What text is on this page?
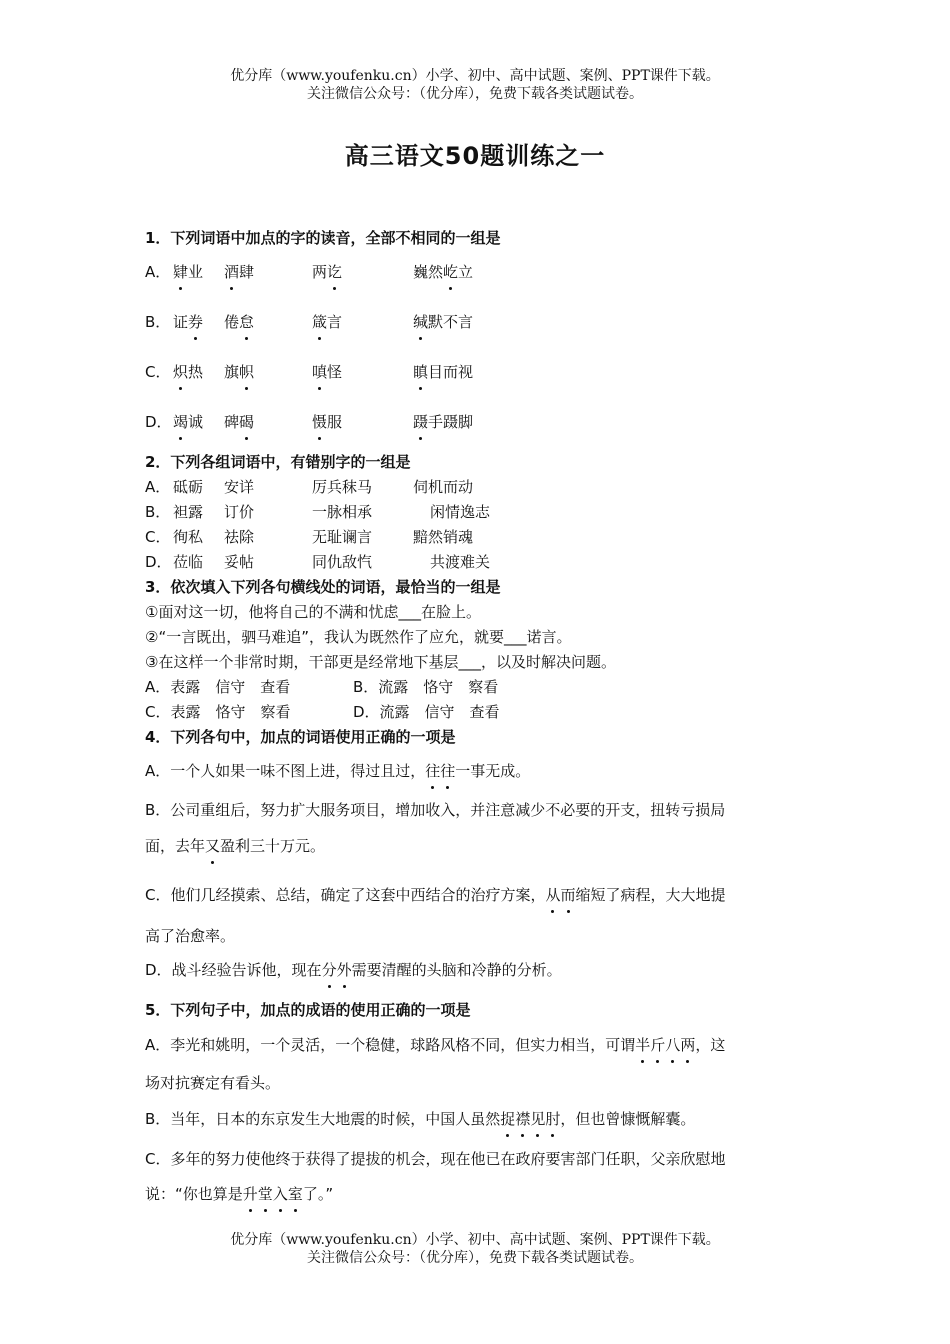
优分库（www.youfenku.cn）小学、初中、高中试题、案例、PPT课件下载。
关注微信公众号：（优分库），免费下载各类试题试卷。
高三语文50题训练之一
1．下列词语中加点的字的读音，全部不相同的一组是
A． 肄业 酒肆	两讫	巍然屹立
B． 证券 倦怠	箴言	缄默不言
C． 炽热 旗帜	嗔怪	瞋目而视
D． 竭诚 碑碣	慑服	蹑手蹑脚
2．下列各组词语中，有错别字的一组是
A． 砥砺 安详	厉兵秣马	伺机而动
B． 袒露 订价	一脉相承	闲情逸志
C． 徇私 祛除	无耻谰言	黯然销魂
D． 莅临 妥帖	同仇敌忾	共渡难关
3．依次填入下列各句横线处的词语，最恰当的一组是
①面对这一切，他将自己的不满和忧虑___在脸上。
②“一言既出，驷马难追”，我认为既然作了应允，就要___诺言。
③在这样一个非常时期，干部更是经常地下基层___，以及时解决问题。
A．表露　信守　查看	B．流露　恪守　察看
C．表露　恪守　察看	D．流露　信守　查看
4．下列各句中，加点的词语使用正确的一项是
A．一个人如果一味不图上进，得过且过，往往一事无成。
B．公司重组后，努力扩大服务项目，增加收入，并注意减少不必要的开支，扭转亏损局
面，去年又盈利三十万元。
C．他们几经摸索、总结，确定了这套中西结合的治疗方案，从而缩短了病程，大大地提
高了治愈率。
D．战斗经验告诉他，现在分外需要清醒的头脑和冷静的分析。
5．下列句子中，加点的成语的使用正确的一项是
A．李光和姚明，一个灵活，一个稳健，球路风格不同，但实力相当，可谓半斤八两，这
场对抗赛定有看头。
B．当年，日本的东京发生大地震的时候，中国人虽然捉襟见肘，但也曾慷慨解囊。
C．多年的努力使他终于获得了提拔的机会，现在他已在政府要害部门任职，父亲欣慰地
说：“你也算是升堂入室了。”
优分库（www.youfenku.cn）小学、初中、高中试题、案例、PPT课件下载。
关注微信公众号：（优分库），免费下载各类试题试卷。
